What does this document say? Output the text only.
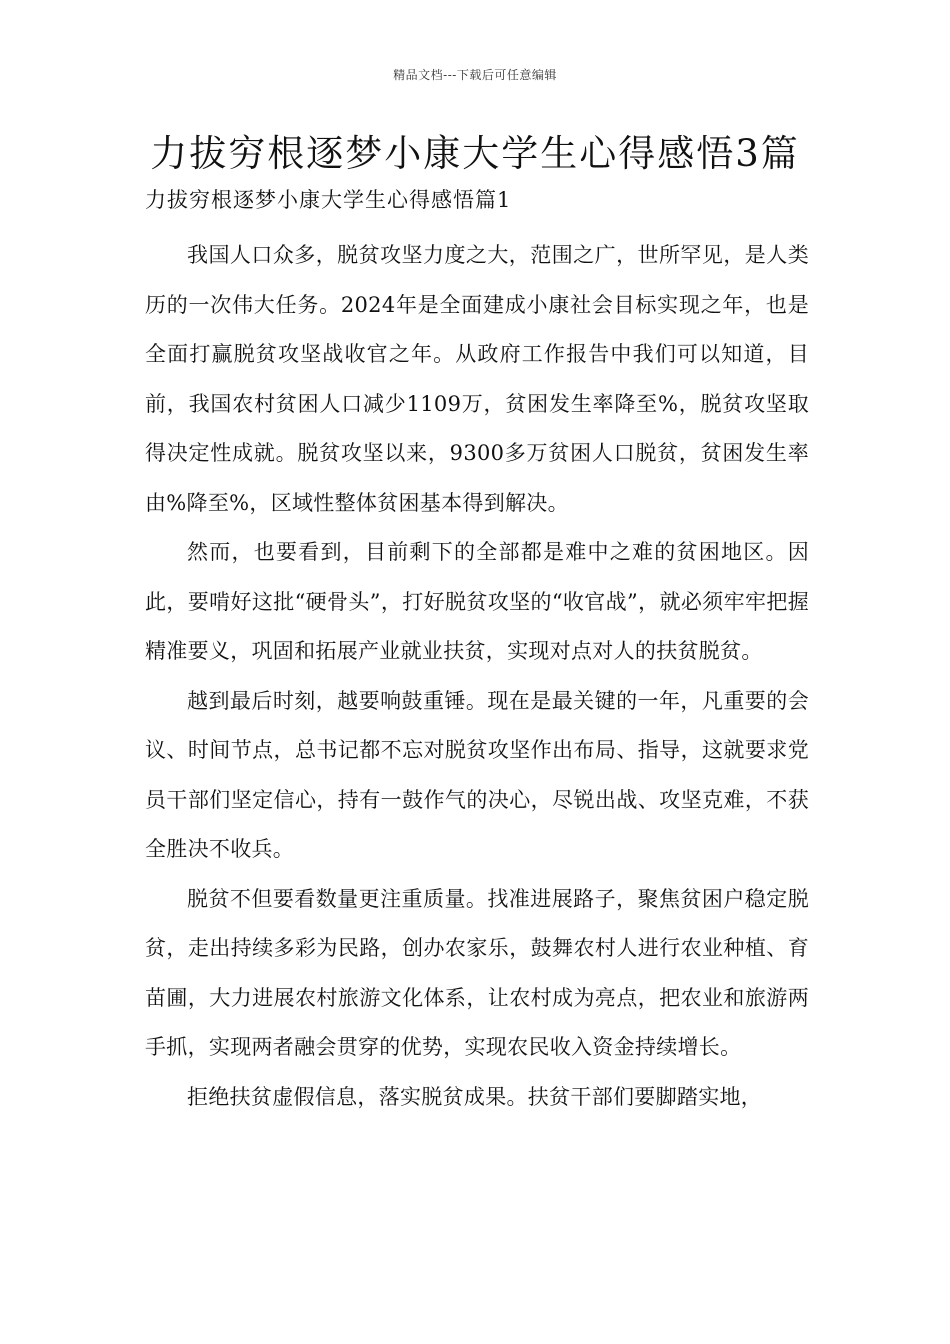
精品文档---下载后可任意编辑
力拔穷根逐梦小康大学生心得感悟3篇
力拔穷根逐梦小康大学生心得感悟篇1

我国人口众多，脱贫攻坚力度之大，范围之广，世所罕见，是人类历的一次伟大任务。2024年是全面建成小康社会目标实现之年，也是全面打赢脱贫攻坚战收官之年。从政府工作报告中我们可以知道，目前，我国农村贫困人口减少1109万，贫困发生率降至%，脱贫攻坚取得决定性成就。脱贫攻坚以来，9300多万贫困人口脱贫，贫困发生率由%降至%，区域性整体贫困基本得到解决。

然而，也要看到，目前剩下的全部都是难中之难的贫困地区。因此，要啃好这批“硬骨头”，打好脱贫攻坚的“收官战”，就必须牢牢把握精准要义，巩固和拓展产业就业扶贫，实现对点对人的扶贫脱贫。

越到最后时刻，越要响鼓重锤。现在是最关键的一年，凡重要的会议、时间节点，总书记都不忘对脱贫攻坚作出布局、指导，这就要求党员干部们坚定信心，持有一鼓作气的决心，尽锐出战、攻坚克难，不获全胜决不收兵。

脱贫不但要看数量更注重质量。找准进展路子，聚焦贫困户稳定脱贫，走出持续多彩为民路，创办农家乐，鼓舞农村人进行农业种植、育苗圃，大力进展农村旅游文化体系，让农村成为亮点，把农业和旅游两手抓，实现两者融会贯穿的优势，实现农民收入资金持续增长。

拒绝扶贫虚假信息，落实脱贫成果。扶贫干部们要脚踏实地，
